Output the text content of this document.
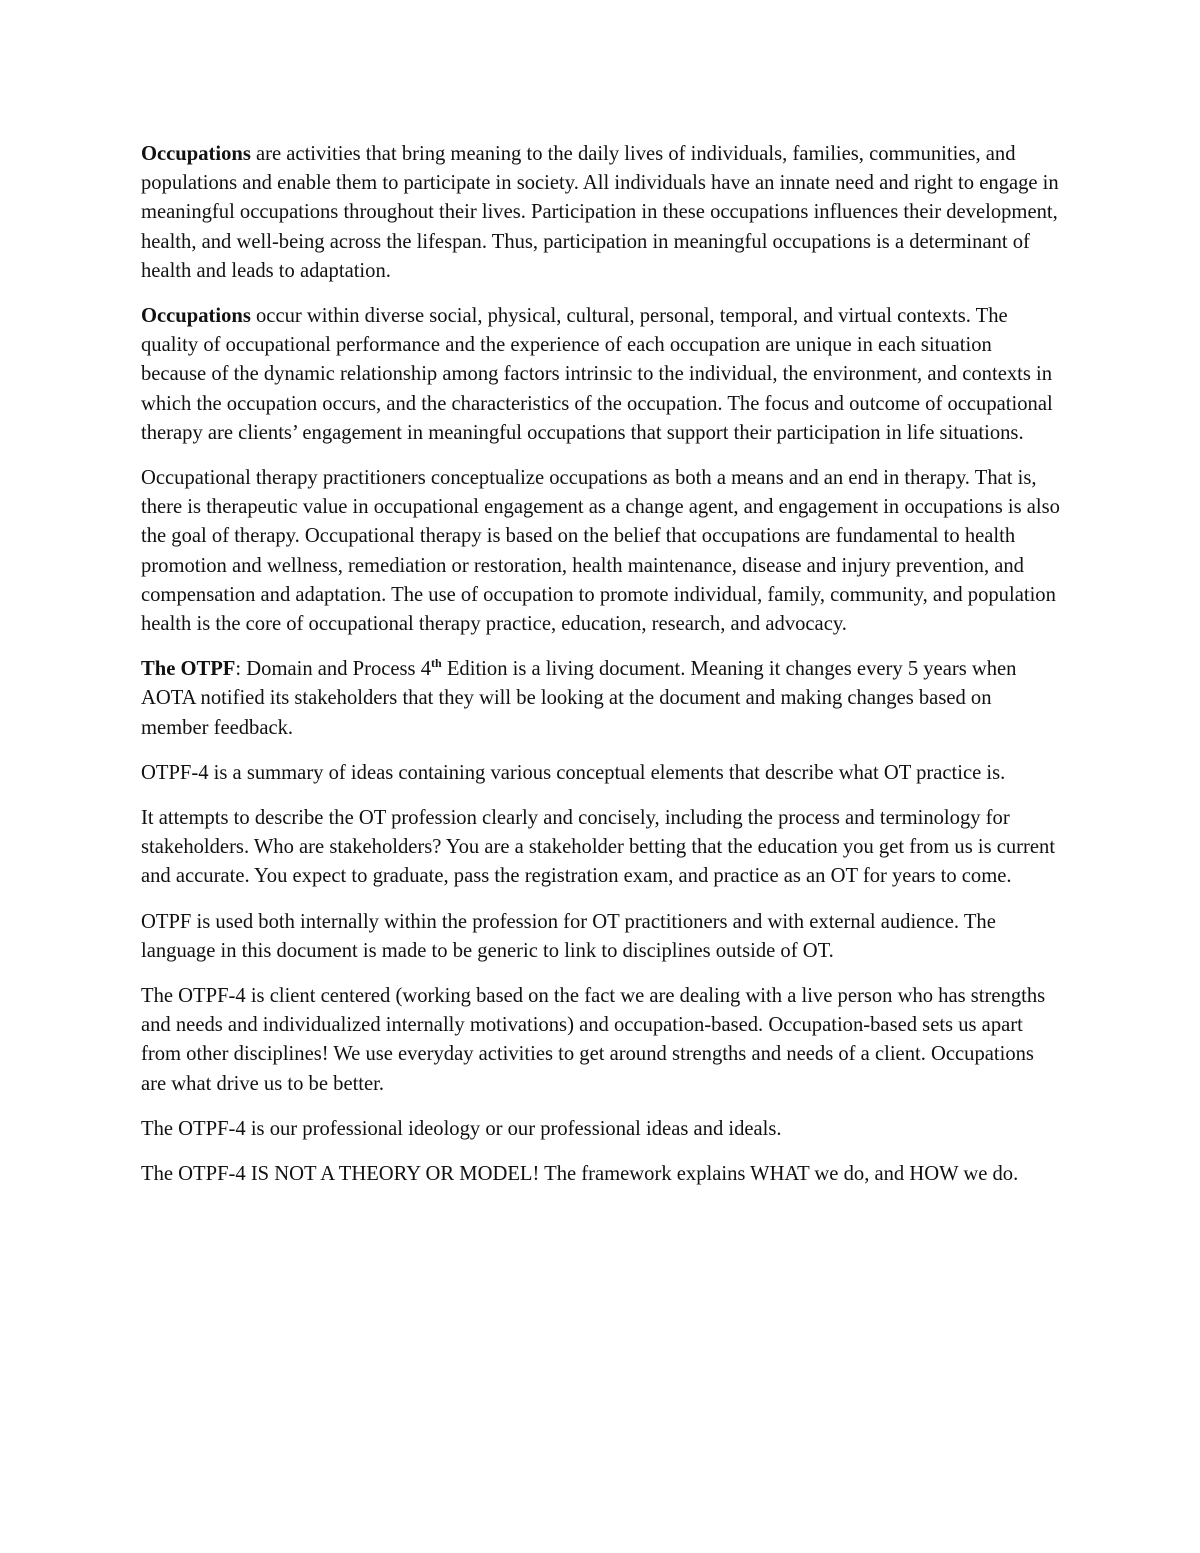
Occupations are activities that bring meaning to the daily lives of individuals, families, communities, and populations and enable them to participate in society. All individuals have an innate need and right to engage in meaningful occupations throughout their lives. Participation in these occupations influences their development, health, and well-being across the lifespan. Thus, participation in meaningful occupations is a determinant of health and leads to adaptation.

Occupations occur within diverse social, physical, cultural, personal, temporal, and virtual contexts. The quality of occupational performance and the experience of each occupation are unique in each situation because of the dynamic relationship among factors intrinsic to the individual, the environment, and contexts in which the occupation occurs, and the characteristics of the occupation. The focus and outcome of occupational therapy are clients’ engagement in meaningful occupations that support their participation in life situations.

Occupational therapy practitioners conceptualize occupations as both a means and an end in therapy. That is, there is therapeutic value in occupational engagement as a change agent, and engagement in occupations is also the goal of therapy. Occupational therapy is based on the belief that occupations are fundamental to health promotion and wellness, remediation or restoration, health maintenance, disease and injury prevention, and compensation and adaptation. The use of occupation to promote individual, family, community, and population health is the core of occupational therapy practice, education, research, and advocacy.

The OTPF: Domain and Process 4th Edition is a living document. Meaning it changes every 5 years when AOTA notified its stakeholders that they will be looking at the document and making changes based on member feedback.

OTPF-4 is a summary of ideas containing various conceptual elements that describe what OT practice is.

It attempts to describe the OT profession clearly and concisely, including the process and terminology for stakeholders. Who are stakeholders? You are a stakeholder betting that the education you get from us is current and accurate. You expect to graduate, pass the registration exam, and practice as an OT for years to come.

OTPF is used both internally within the profession for OT practitioners and with external audience. The language in this document is made to be generic to link to disciplines outside of OT.

The OTPF-4 is client centered (working based on the fact we are dealing with a live person who has strengths and needs and individualized internally motivations) and occupation-based. Occupation-based sets us apart from other disciplines! We use everyday activities to get around strengths and needs of a client. Occupations are what drive us to be better.

The OTPF-4 is our professional ideology or our professional ideas and ideals.

The OTPF-4 IS NOT A THEORY OR MODEL! The framework explains WHAT we do, and HOW we do.
